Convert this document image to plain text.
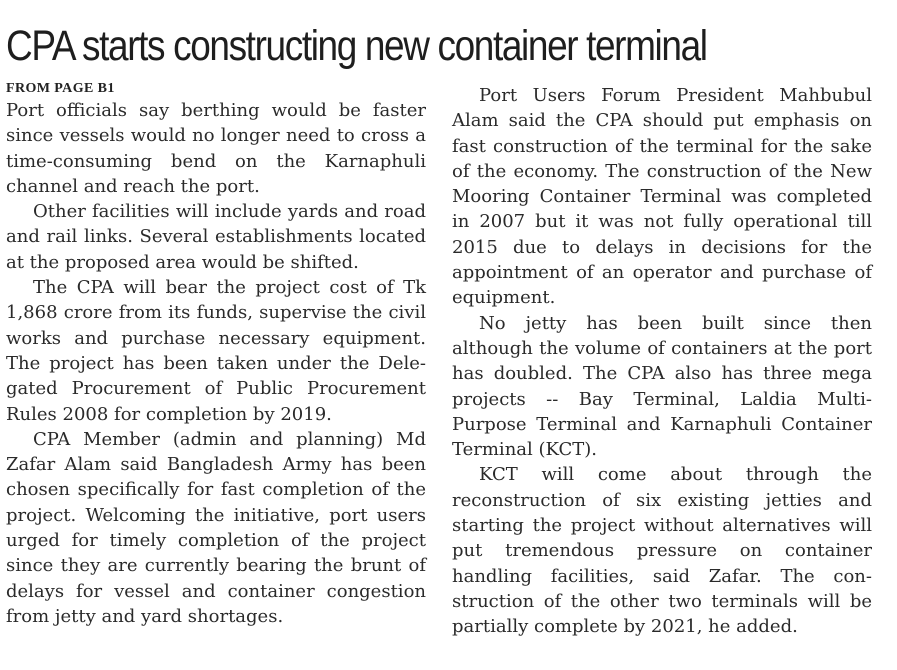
CPA starts constructing new container terminal

FROM PAGE B1

Port officials say berthing would be faster since vessels would no longer need to cross a time-consuming bend on the Karnaphuli channel and reach the port.

Other facilities will include yards and road and rail links. Several establishments located at the proposed area would be shifted.

The CPA will bear the project cost of Tk 1,868 crore from its funds, supervise the civil works and purchase necessary equipment. The project has been taken under the Delegated Procurement of Public Procurement Rules 2008 for completion by 2019.

CPA Member (admin and planning) Md Zafar Alam said Bangladesh Army has been chosen specifically for fast completion of the project. Welcoming the initiative, port users urged for timely completion of the project since they are currently bearing the brunt of delays for vessel and container congestion from jetty and yard shortages.

Port Users Forum President Mahbubul Alam said the CPA should put emphasis on fast construction of the terminal for the sake of the economy. The construction of the New Mooring Container Terminal was completed in 2007 but it was not fully operational till 2015 due to delays in decisions for the appointment of an operator and purchase of equipment.

No jetty has been built since then although the volume of containers at the port has doubled. The CPA also has three mega projects -- Bay Terminal, Laldia Multi-Purpose Terminal and Karnaphuli Container Terminal (KCT).

KCT will come about through the reconstruction of six existing jetties and starting the project without alternatives will put tremendous pressure on container handling facilities, said Zafar. The construction of the other two terminals will be partially complete by 2021, he added.
